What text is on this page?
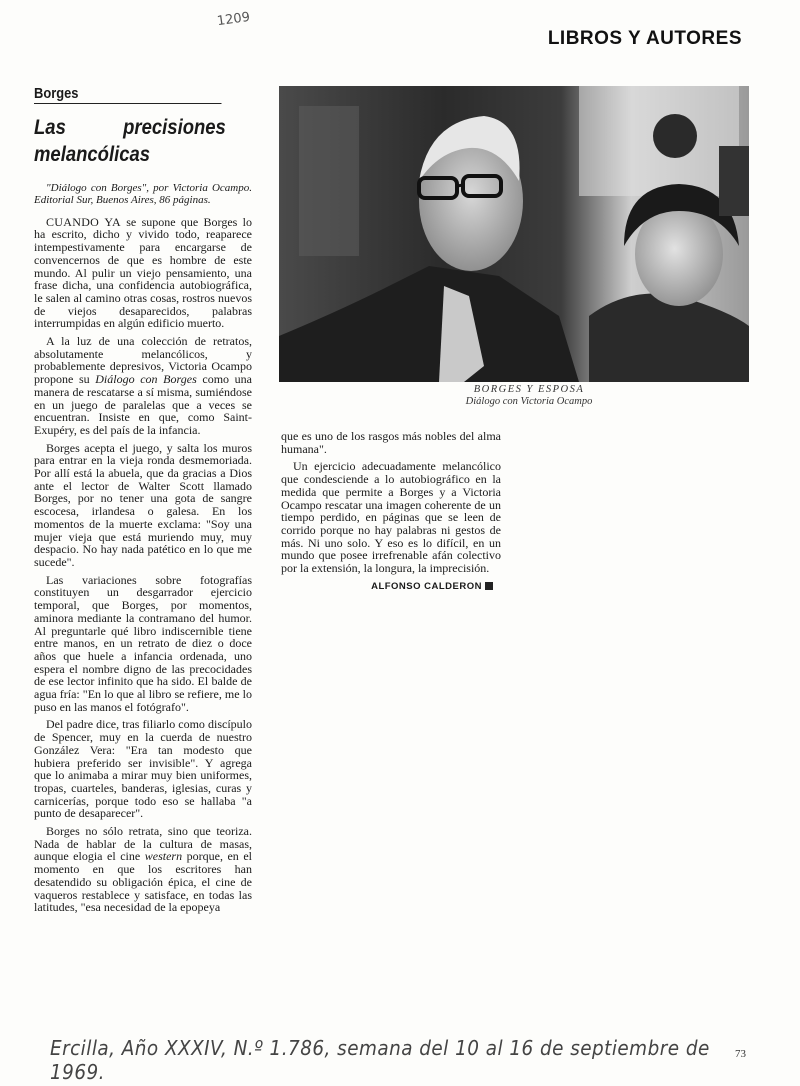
1209
LIBROS Y AUTORES
Borges
Las precisiones melancólicas
"Diálogo con Borges", por Victoria Ocampo. Editorial Sur, Buenos Aires, 86 páginas.

CUANDO YA se supone que Borges lo ha escrito, dicho y vivido todo, reaparece intempestivamente para encargarse de convencernos de que es hombre de este mundo. Al pulir un viejo pensamiento, una frase dicha, una confidencia autobiográfica, le salen al camino otras cosas, rostros nuevos de viejos desaparecidos, palabras interrumpidas en algún edificio muerto.

A la luz de una colección de retratos, absolutamente melancólicos, y probablemente depresivos, Victoria Ocampo propone su Diálogo con Borges como una manera de rescatarse a sí misma, sumiéndose en un juego de paralelas que a veces se encuentran. Insiste en que, como Saint-Exupéry, es del país de la infancia.

Borges acepta el juego, y salta los muros para entrar en la vieja ronda desmemoriada. Por allí está la abuela, que da gracias a Dios ante el lector de Walter Scott llamado Borges, por no tener una gota de sangre escocesa, irlandesa o galesa. En los momentos de la muerte exclama: "Soy una mujer vieja que está muriendo muy, muy despacio. No hay nada patético en lo que me sucede".

Las variaciones sobre fotografías constituyen un desgarrador ejercicio temporal, que Borges, por momentos, aminora mediante la contramano del humor. Al preguntarle qué libro indiscernible tiene entre manos, en un retrato de diez o doce años que huele a infancia ordenada, uno espera el nombre digno de las precocidades de ese lector infinito que ha sido. El balde de agua fría: "En lo que al libro se refiere, me lo puso en las manos el fotógrafo".

Del padre dice, tras filiarlo como discípulo de Spencer, muy en la cuerda de nuestro González Vera: "Era tan modesto que hubiera preferido ser invisible". Y agrega que lo animaba a mirar muy bien uniformes, tropas, cuarteles, banderas, iglesias, curas y carnicerías, porque todo eso se hallaba "a punto de desaparecer".

Borges no sólo retrata, sino que teoriza. Nada de hablar de la cultura de masas, aunque elogia el cine western porque, en el momento en que los escritores han desatendido su obligación épica, el cine de vaqueros restablece y satisface, en todas las latitudes, "esa necesidad de la epopeya

BORGES Y ESPOSA
Diálogo con Victoria Ocampo

que es uno de los rasgos más nobles del alma humana".

Un ejercicio adecuadamente melancólico que condesciende a lo autobiográfico en la medida que permite a Borges y a Victoria Ocampo rescatar una imagen coherente de un tiempo perdido, en páginas que se leen de corrido porque no hay palabras ni gestos de más. Ni uno solo. Y eso es lo difícil, en un mundo que posee irrefrenable afán colectivo por la extensión, la longura, la imprecisión.

ALFONSO CALDERON
Ercilla, Año XXXIV, N.º 1.786, semana del 10 al 16 de septiembre de 1969.
73
